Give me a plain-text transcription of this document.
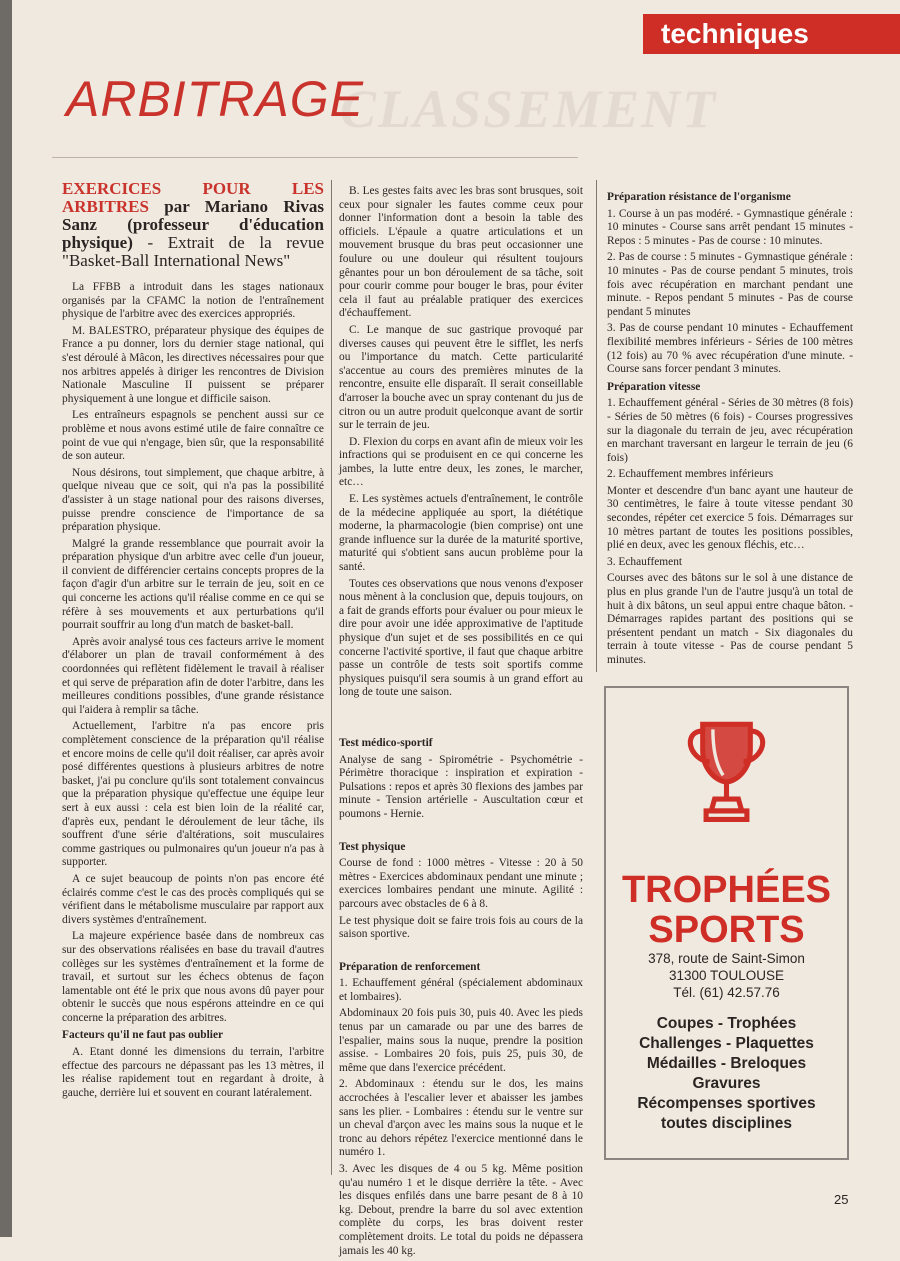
CLASSEMENT
techniques
ARBITRAGE

EXERCICES POUR LES ARBITRES par Mariano Rivas Sanz (professeur d'éducation physique) - Extrait de la revue "Basket-Ball International News"

La FFBB a introduit dans les stages nationaux organisés par la CFAMC la notion de l'entraînement physique de l'arbitre avec des exercices appropriés.

M. BALESTRO, préparateur physique des équipes de France a pu donner, lors du dernier stage national, qui s'est déroulé à Mâcon, les directives nécessaires pour que nos arbitres appelés à diriger les rencontres de Division Nationale Masculine II puissent se préparer physiquement à une longue et difficile saison.

Les entraîneurs espagnols se penchent aussi sur ce problème et nous avons estimé utile de faire connaître ce point de vue qui n'engage, bien sûr, que la responsabilité de son auteur.

Nous désirons, tout simplement, que chaque arbitre, à quelque niveau que ce soit, qui n'a pas la possibilité d'assister à un stage national pour des raisons diverses, puisse prendre conscience de l'importance de sa préparation physique.

Malgré la grande ressemblance que pourrait avoir la préparation physique d'un arbitre avec celle d'un joueur, il convient de différencier certains concepts propres de la façon d'agir d'un arbitre sur le terrain de jeu, soit en ce qui concerne les actions qu'il réalise comme en ce qui se réfère à ses mouvements et aux perturbations qu'il pourrait souffrir au long d'un match de basket-ball.

Après avoir analysé tous ces facteurs arrive le moment d'élaborer un plan de travail conformément à des coordonnées qui reflètent fidèlement le travail à réaliser et qui serve de préparation afin de doter l'arbitre, dans les meilleures conditions possibles, d'une grande résistance qui l'aidera à remplir sa tâche.

Actuellement, l'arbitre n'a pas encore pris complètement conscience de la préparation qu'il réalise et encore moins de celle qu'il doit réaliser, car après avoir posé différentes questions à plusieurs arbitres de notre basket, j'ai pu conclure qu'ils sont totalement convaincus que la préparation physique qu'effectue une équipe leur sert à eux aussi : cela est bien loin de la réalité car, d'après eux, pendant le déroulement de leur tâche, ils souffrent d'une série d'altérations, soit musculaires comme gastriques ou pulmonaires qu'un joueur n'a pas à supporter.

A ce sujet beaucoup de points n'on pas encore été éclairés comme c'est le cas des procès compliqués qui se vérifient dans le métabolisme musculaire par rapport aux divers systèmes d'entraînement.

La majeure expérience basée dans de nombreux cas sur des observations réalisées en base du travail d'autres collèges sur les systèmes d'entraînement et la forme de travail, et surtout sur les échecs obtenus de façon lamentable ont été le prix que nous avons dû payer pour obtenir le succès que nous espérons atteindre en ce qui concerne la préparation des arbitres.

Facteurs qu'il ne faut pas oublier

A. Etant donné les dimensions du terrain, l'arbitre effectue des parcours ne dépassant pas les 13 mètres, il les réalise rapidement tout en regardant à droite, à gauche, derrière lui et souvent en courant latéralement.

B. Les gestes faits avec les bras sont brusques, soit ceux pour signaler les fautes comme ceux pour donner l'information dont a besoin la table des officiels. L'épaule a quatre articulations et un mouvement brusque du bras peut occasionner une foulure ou une douleur qui résultent toujours gênantes pour un bon déroulement de sa tâche, soit pour courir comme pour bouger le bras, pour éviter cela il faut au préalable pratiquer des exercices d'échauffement.

C. Le manque de suc gastrique provoqué par diverses causes qui peuvent être le sifflet, les nerfs ou l'importance du match. Cette particularité s'accentue au cours des premières minutes de la rencontre, ensuite elle disparaît. Il serait conseillable d'arroser la bouche avec un spray contenant du jus de citron ou un autre produit quelconque avant de sortir sur le terrain de jeu.

D. Flexion du corps en avant afin de mieux voir les infractions qui se produisent en ce qui concerne les jambes, la lutte entre deux, les zones, le marcher, etc…

E. Les systèmes actuels d'entraînement, le contrôle de la médecine appliquée au sport, la diététique moderne, la pharmacologie (bien comprise) ont une grande influence sur la durée de la maturité sportive, maturité qui s'obtient sans aucun problème pour la santé.

Toutes ces observations que nous venons d'exposer nous mènent à la conclusion que, depuis toujours, on a fait de grands efforts pour évaluer ou pour mieux le dire pour avoir une idée approximative de l'aptitude physique d'un sujet et de ses possibilités en ce qui concerne l'activité sportive, il faut que chaque arbitre passe un contrôle de tests soit sportifs comme physiques puisqu'il sera soumis à un grand effort au long de toute une saison.

Test médico-sportif

Analyse de sang - Spirométrie - Psychométrie - Périmètre thoracique : inspiration et expiration - Pulsations : repos et après 30 flexions des jambes par minute - Tension artérielle - Auscultation cœur et poumons - Hernie.

Test physique

Course de fond : 1000 mètres - Vitesse : 20 à 50 mètres - Exercices abdominaux pendant une minute ; exercices lombaires pendant une minute. Agilité : parcours avec obstacles de 6 à 8.

Le test physique doit se faire trois fois au cours de la saison sportive.

Préparation de renforcement

1. Echauffement général (spécialement abdominaux et lombaires).

Abdominaux 20 fois puis 30, puis 40. Avec les pieds tenus par un camarade ou par une des barres de l'espalier, mains sous la nuque, prendre la position assise. - Lombaires 20 fois, puis 25, puis 30, de même que dans l'exercice précédent.

2. Abdominaux : étendu sur le dos, les mains accrochées à l'escalier lever et abaisser les jambes sans les plier. - Lombaires : étendu sur le ventre sur un cheval d'arçon avec les mains sous la nuque et le tronc au dehors répétez l'exercice mentionné dans le numéro 1.

3. Avec les disques de 4 ou 5 kg. Même position qu'au numéro 1 et le disque derrière la tête. - Avec les disques enfilés dans une barre pesant de 8 à 10 kg. Debout, prendre la barre du sol avec extention complète du corps, les bras doivent rester complètement droits. Le total du poids ne dépassera jamais les 40 kg.

Préparation résistance de l'organisme

1. Course à un pas modéré. - Gymnastique générale : 10 minutes - Course sans arrêt pendant 15 minutes - Repos : 5 minutes - Pas de course : 10 minutes.

2. Pas de course : 5 minutes - Gymnastique générale : 10 minutes - Pas de course pendant 5 minutes, trois fois avec récupération en marchant pendant une minute. - Repos pendant 5 minutes - Pas de course pendant 5 minutes

3. Pas de course pendant 10 minutes - Echauffement flexibilité membres inférieurs - Séries de 100 mètres (12 fois) au 70 % avec récupération d'une minute. - Course sans forcer pendant 3 minutes.

Préparation vitesse

1. Echauffement général - Séries de 30 mètres (8 fois) - Séries de 50 mètres (6 fois) - Courses progressives sur la diagonale du terrain de jeu, avec récupération en marchant traversant en largeur le terrain de jeu (6 fois)

2. Echauffement membres inférieurs

Monter et descendre d'un banc ayant une hauteur de 30 centimètres, le faire à toute vitesse pendant 30 secondes, répéter cet exercice 5 fois. Démarrages sur 10 mètres partant de toutes les positions possibles, plié en deux, avec les genoux fléchis, etc…

3. Echauffement

Courses avec des bâtons sur le sol à une distance de plus en plus grande l'un de l'autre jusqu'à un total de huit à dix bâtons, un seul appui entre chaque bâton. - Démarrages rapides partant des positions qui se présentent pendant un match - Six diagonales du terrain à toute vitesse - Pas de course pendant 5 minutes.

TROPHÉES
SPORTS
378, route de Saint-Simon
31300 TOULOUSE
Tél. (61) 42.57.76
Coupes - Trophées
Challenges - Plaquettes
Médailles - Breloques
Gravures
Récompenses sportives
toutes disciplines
25
